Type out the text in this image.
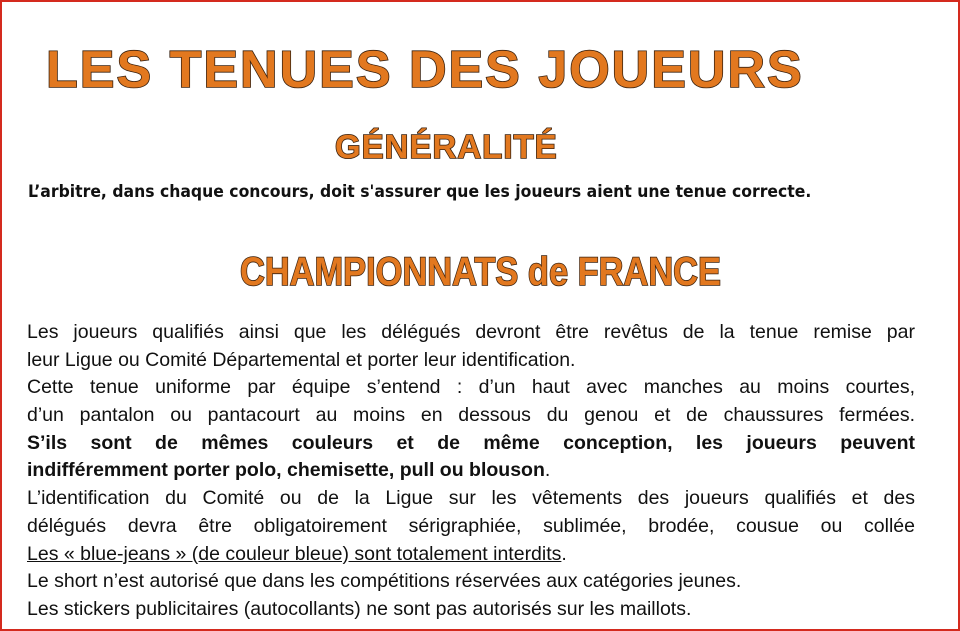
LES TENUES DES JOUEURS
GÉNÉRALITÉ
L’arbitre, dans chaque concours, doit s'assurer que les joueurs aient une tenue correcte.
CHAMPIONNATS de FRANCE
Les joueurs qualifiés ainsi que les délégués devront être revêtus de la tenue remise par
leur Ligue ou Comité Départemental et porter leur identification.
Cette tenue uniforme par équipe s’entend : d’un haut avec manches au moins courtes,
d’un pantalon ou pantacourt au moins en dessous du genou et de chaussures fermées.
S’ils sont de mêmes couleurs et de même conception, les joueurs peuvent
indifféremment porter polo, chemisette, pull ou blouson.
L’identification du Comité ou de la Ligue sur les vêtements des joueurs qualifiés et des
délégués devra être obligatoirement sérigraphiée, sublimée, brodée, cousue ou collée
Les « blue-jeans » (de couleur bleue) sont totalement interdits.
Le short n’est autorisé que dans les compétitions réservées aux catégories jeunes.
Les stickers publicitaires (autocollants) ne sont pas autorisés sur les maillots.
